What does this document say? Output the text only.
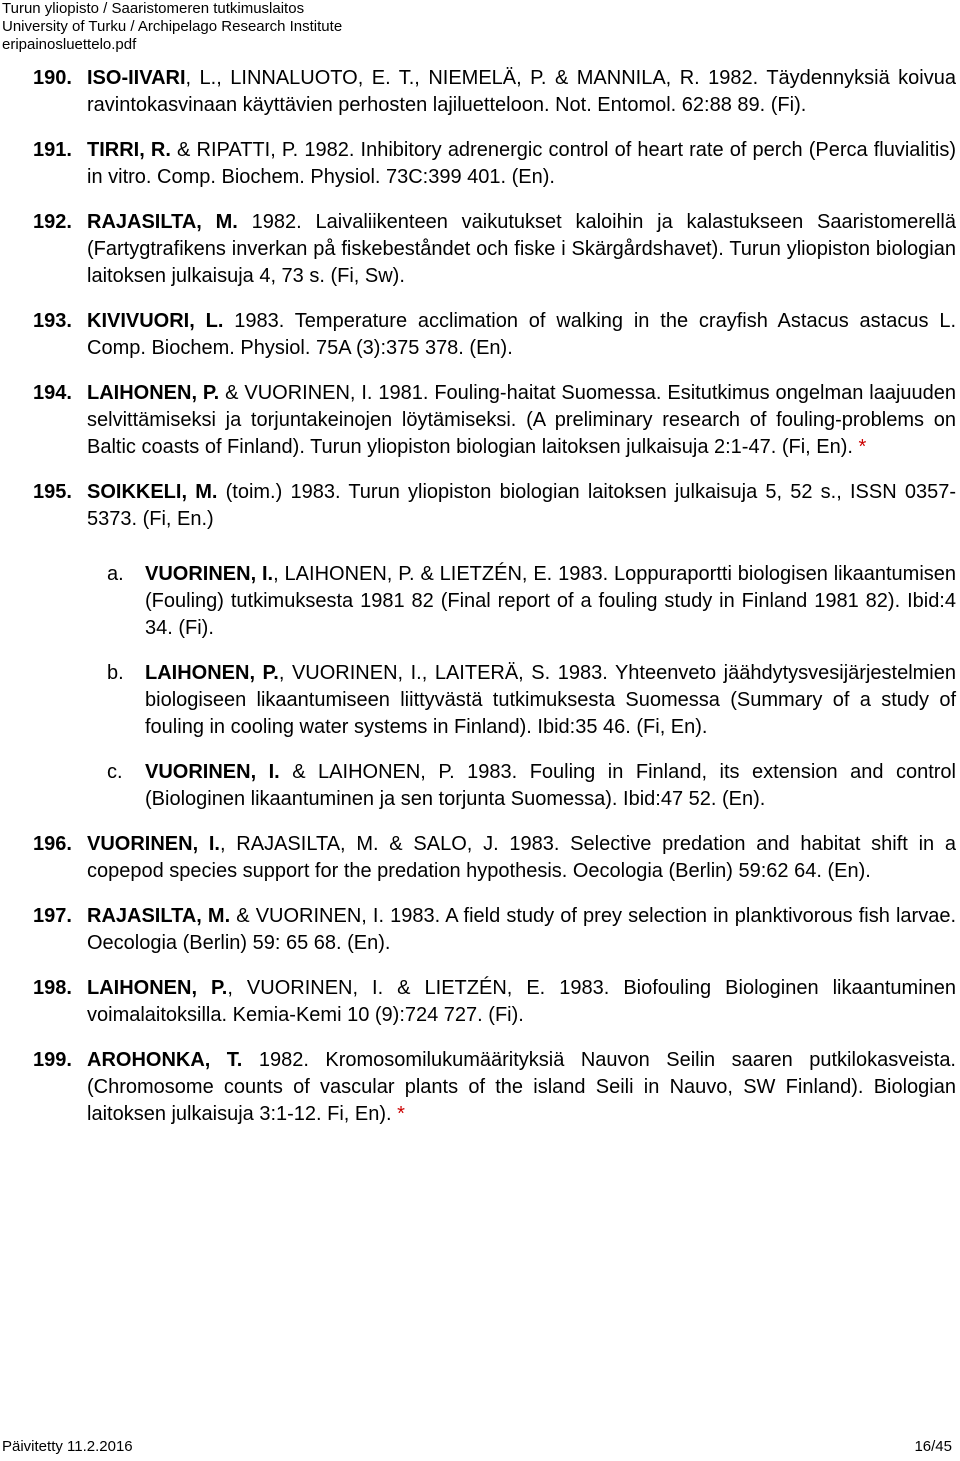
Turun yliopisto / Saaristomeren tutkimuslaitos
University of Turku / Archipelago Research Institute
eripainosluettelo.pdf
190. ISO-IIVARI, L., LINNALUOTO, E. T., NIEMELÄ, P. & MANNILA, R. 1982. Täydennyksiä koivua ravintokasvinaan käyttävien perhosten lajiluetteloon. Not. Entomol. 62:88 89. (Fi).
191. TIRRI, R. & RIPATTI, P. 1982. Inhibitory adrenergic control of heart rate of perch (Perca fluvialitis) in vitro. Comp. Biochem. Physiol. 73C:399 401. (En).
192. RAJASILTA, M. 1982. Laivaliikenteen vaikutukset kaloihin ja kalastukseen Saaristomerellä (Fartygtrafikens inverkan på fiskebeståndet och fiske i Skärgårdshavet). Turun yliopiston biologian laitoksen julkaisuja 4, 73 s. (Fi, Sw).
193. KIVIVUORI, L. 1983. Temperature acclimation of walking in the crayfish Astacus astacus L. Comp. Biochem. Physiol. 75A (3):375 378. (En).
194. LAIHONEN, P. & VUORINEN, I. 1981. Fouling-haitat Suomessa. Esitutkimus ongelman laajuuden selvittämiseksi ja torjuntakeinojen löytämiseksi. (A preliminary research of fouling-problems on Baltic coasts of Finland). Turun yliopiston biologian laitoksen julkaisuja 2:1-47. (Fi, En). *
195. SOIKKELI, M. (toim.) 1983. Turun yliopiston biologian laitoksen julkaisuja 5, 52 s., ISSN 0357-5373. (Fi, En.)
a. VUORINEN, I., LAIHONEN, P. & LIETZÉN, E. 1983. Loppuraportti biologisen likaantumisen (Fouling) tutkimuksesta 1981 82 (Final report of a fouling study in Finland 1981 82). Ibid:4 34. (Fi).
b. LAIHONEN, P., VUORINEN, I., LAITERÄ, S. 1983. Yhteenveto jäähdytysvesijärjestelmien biologiseen likaantumiseen liittyvästä tutkimuksesta Suomessa (Summary of a study of fouling in cooling water systems in Finland). Ibid:35 46. (Fi, En).
c. VUORINEN, I. & LAIHONEN, P. 1983. Fouling in Finland, its extension and control (Biologinen likaantuminen ja sen torjunta Suomessa). Ibid:47 52. (En).
196. VUORINEN, I., RAJASILTA, M. & SALO, J. 1983. Selective predation and habitat shift in a copepod species support for the predation hypothesis. Oecologia (Berlin) 59:62 64. (En).
197. RAJASILTA, M. & VUORINEN, I. 1983. A field study of prey selection in planktivorous fish larvae. Oecologia (Berlin) 59: 65 68. (En).
198. LAIHONEN, P., VUORINEN, I. & LIETZÉN, E. 1983. Biofouling Biologinen likaantuminen voimalaitoksilla. Kemia-Kemi 10 (9):724 727. (Fi).
199. AROHONKA, T. 1982. Kromosomilukumäärityksiä Nauvon Seilin saaren putkilokasveista. (Chromosome counts of vascular plants of the island Seili in Nauvo, SW Finland). Biologian laitoksen julkaisuja 3:1-12. Fi, En). *
Päivitetty 11.2.2016	16/45
